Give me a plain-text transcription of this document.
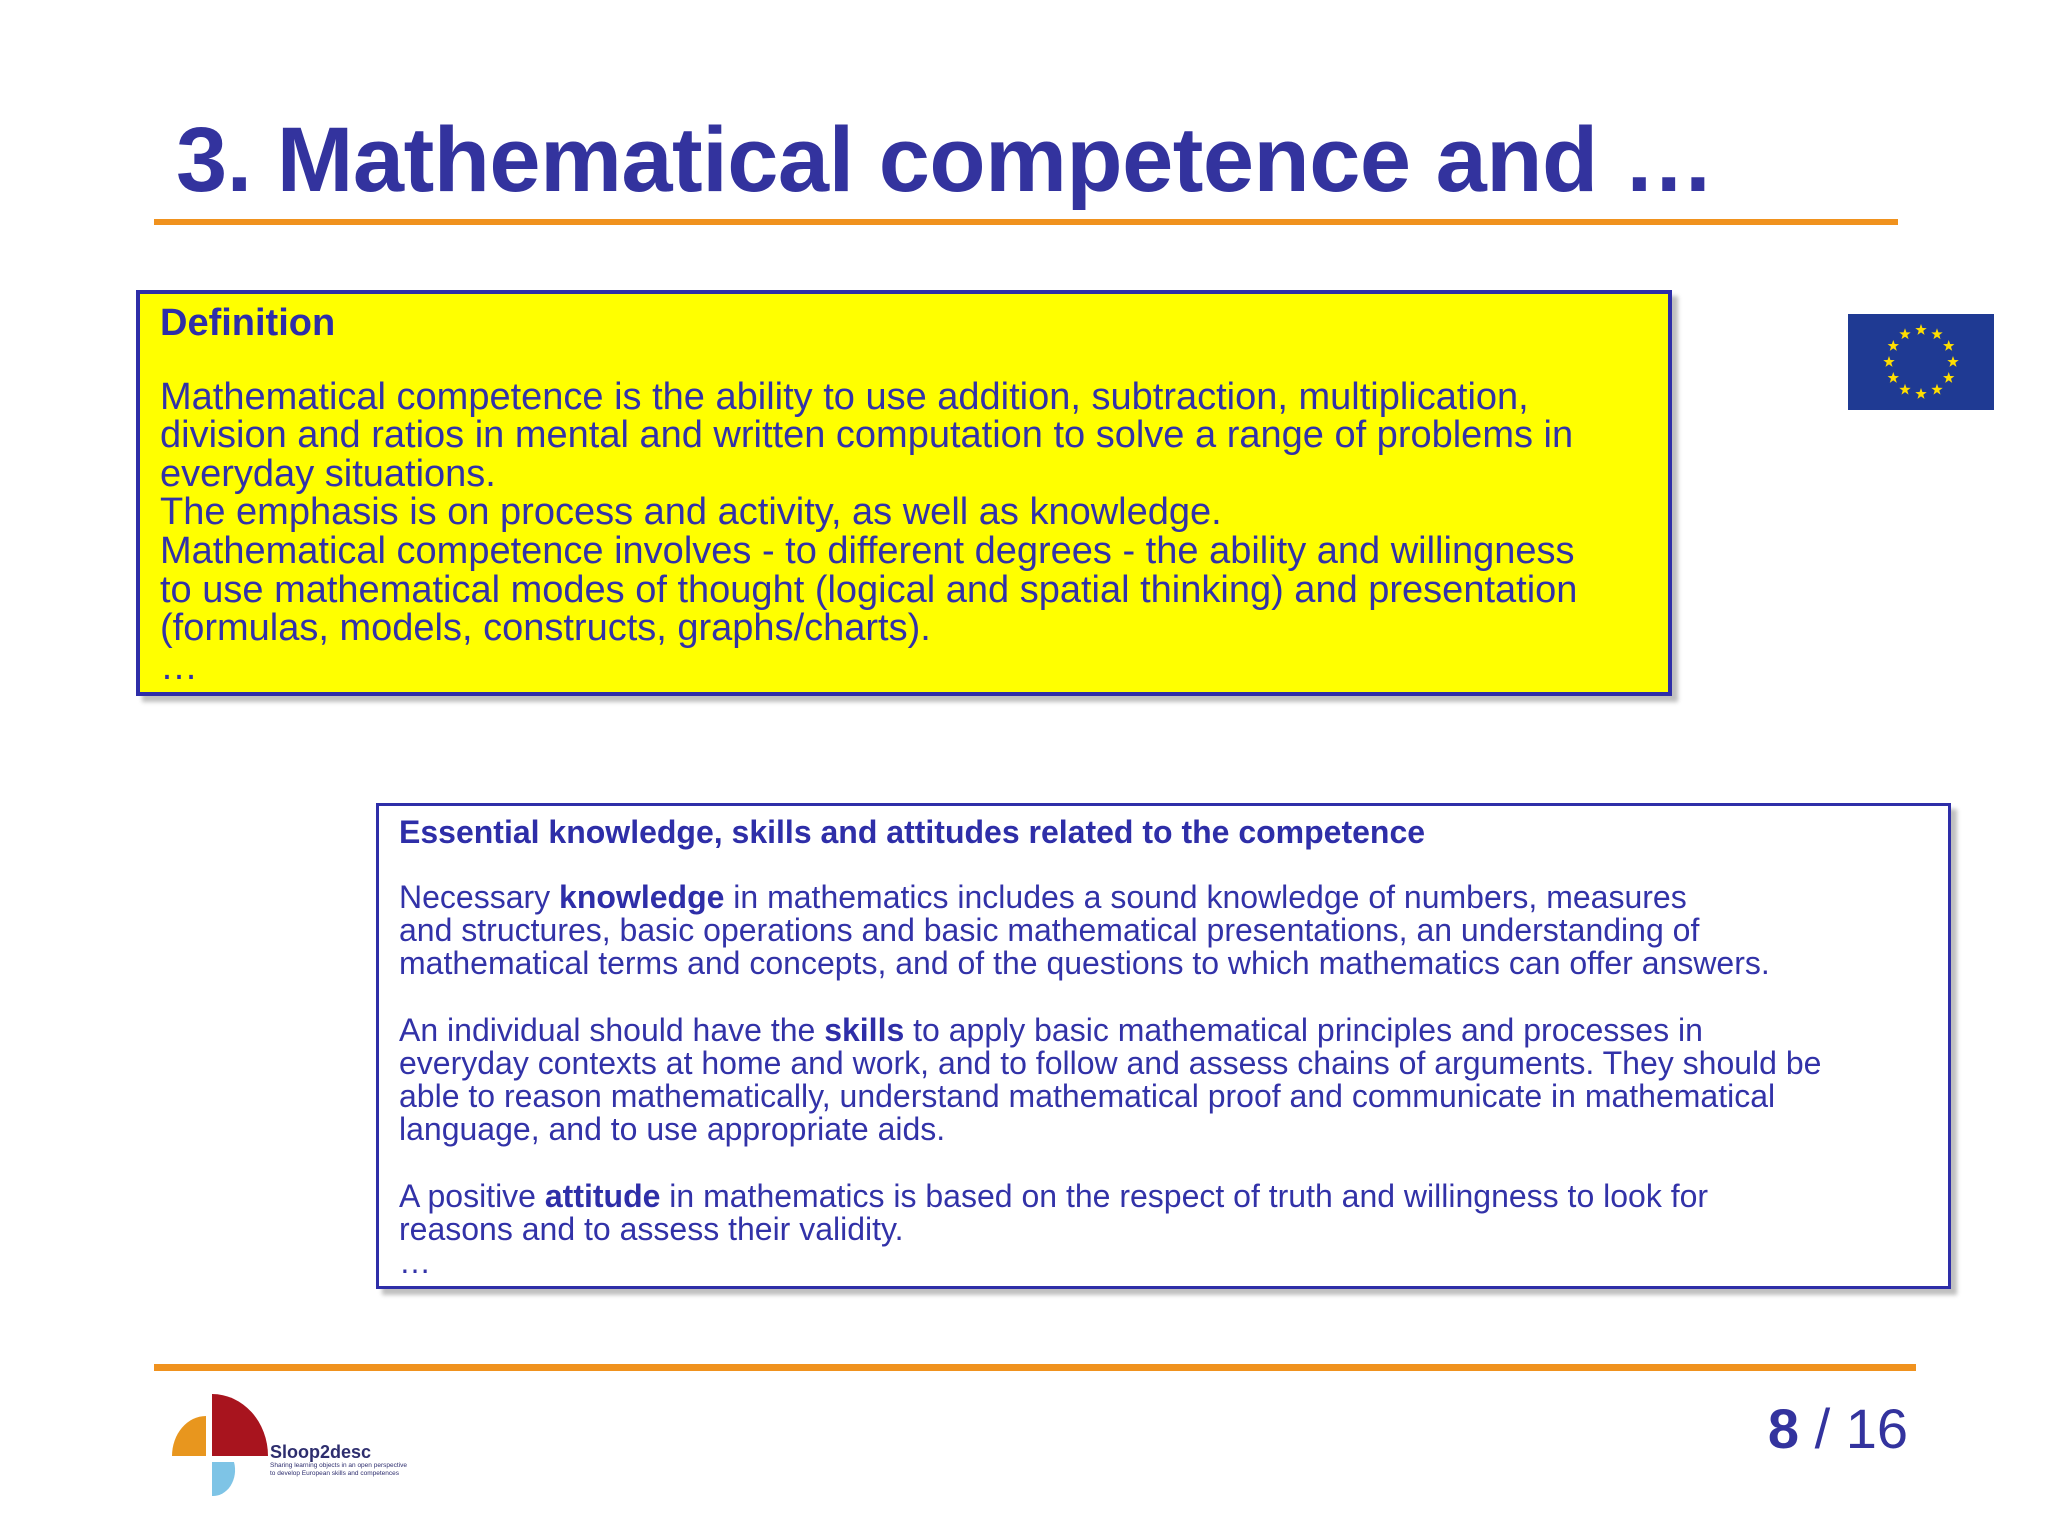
3. Mathematical competence and …
Definition

Mathematical competence is the ability to use addition, subtraction, multiplication,

division and ratios in mental and written computation to solve a range of problems in

everyday situations.

The emphasis is on process and activity, as well as knowledge.

Mathematical competence involves - to different degrees - the ability and willingness

to use mathematical modes of thought (logical and spatial thinking) and presentation

(formulas, models, constructs, graphs/charts).

…

Essential knowledge, skills and attitudes related to the competence

Necessary knowledge in mathematics includes a sound knowledge of numbers, measures

and structures, basic operations and basic mathematical presentations, an understanding of

mathematical terms and concepts, and of the questions to which mathematics can offer answers.

An individual should have the skills to apply basic mathematical principles and processes in

everyday contexts at home and work, and to follow and assess chains of arguments. They should be

able to reason mathematically, understand mathematical proof and communicate in mathematical

language, and to use appropriate aids.

A positive attitude in mathematics is based on the respect of truth and willingness to look for

reasons and to assess their validity.

…

Sloop2desc
Sharing learning objects in an open perspective
to develop European skills and competences
8 / 16
